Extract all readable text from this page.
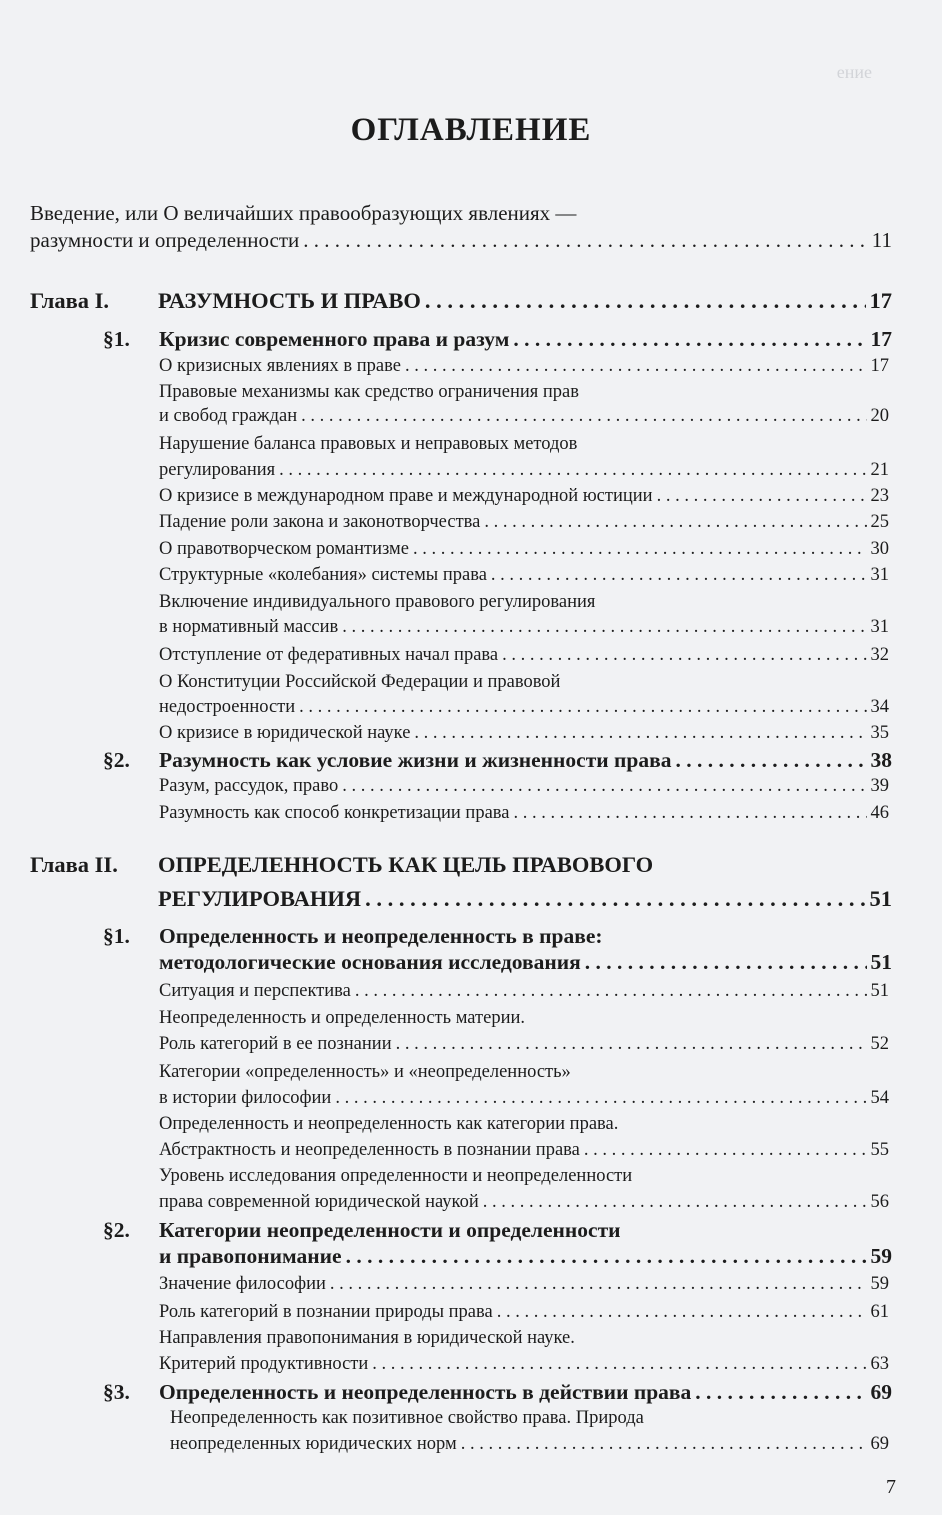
ение
ОГЛАВЛЕНИЕ
Введение, или О величайших правообразующих явлениях —
разумности и определенности . . .	11
Глава I. РАЗУМНОСТЬ И ПРАВО . . .	17
§1. Кризис современного права и разум . . .	17
О кризисных явлениях в праве . . .	17
Правовые механизмы как средство ограничения прав
и свобод граждан . . .	20
Нарушение баланса правовых и неправовых методов
регулирования . . .	21
О кризисе в международном праве и международной юстиции . . .	23
Падение роли закона и законотворчества . . .	25
О правотворческом романтизме . . .	30
Структурные «колебания» системы права . . .	31
Включение индивидуального правового регулирования
в нормативный массив . . .	31
Отступление от федеративных начал права . . .	32
О Конституции Российской Федерации и правовой
недостроенности . . .	34
О кризисе в юридической науке . . .	35
§2. Разумность как условие жизни и жизненности права . . .	38
Разум, рассудок, право . . .	39
Разумность как способ конкретизации права . . .	46
Глава II. ОПРЕДЕЛЕННОСТЬ КАК ЦЕЛЬ ПРАВОВОГО
РЕГУЛИРОВАНИЯ . . .	51
§1. Определенность и неопределенность в праве:
методологические основания исследования . . .	51
Ситуация и перспектива . . .	51
Неопределенность и определенность материи.
Роль категорий в ее познании . . .	52
Категории «определенность» и «неопределенность»
в истории философии . . .	54
Определенность и неопределенность как категории права.
Абстрактность и неопределенность в познании права . . .	55
Уровень исследования определенности и неопределенности
права современной юридической наукой . . .	56
§2. Категории неопределенности и определенности
и правопонимание . . .	59
Значение философии . . .	59
Роль категорий в познании природы права . . .	61
Направления правопонимания в юридической науке.
Критерий продуктивности . . .	63
§3. Определенность и неопределенность в действии права . . .	69
Неопределенность как позитивное свойство права. Природа
неопределенных юридических норм . . .	69
7
